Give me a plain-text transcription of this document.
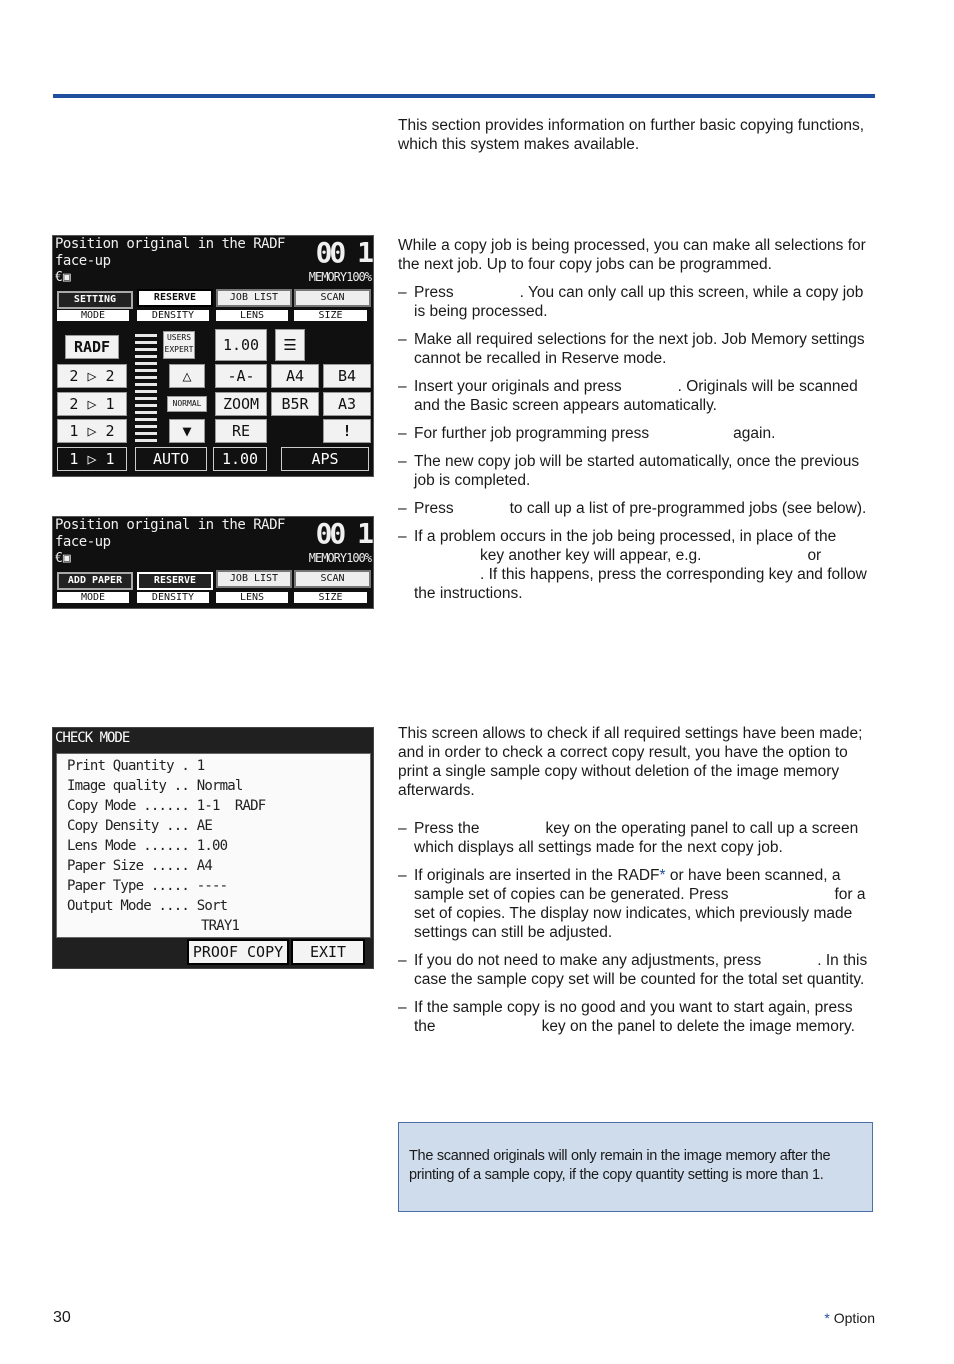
This section provides information on further basic copying functions, which this system makes available.

Position original in the RADF face-up	00 1
MEMORY100%
€▣
SETTING	RESERVE	JOB LIST	SCAN
MODE	DENSITY	LENS	SIZE
RADF
USERS EXPERT	1.00	☰
2 ▷ 2
2 ▷ 1
1 ▷ 2
1 ▷ 1
△
NORMAL
▼
AUTO
-A-
ZOOM
RE
1.00
A4	B4
B5R	A3
!
APS
Position original in the RADF face-up	00 1
MEMORY100%
€▣
ADD PAPER	RESERVE	JOB LIST	SCAN
MODE	DENSITY	LENS	SIZE

While a copy job is being processed, you can make all selections for the next job. Up to four copy jobs can be programmed.

– Press	. You can only call up this screen, while a copy job is being processed.
– Make all required selections for the next job. Job Memory settings cannot be recalled in Reserve mode.
– Insert your originals and press	. Originals will be scanned and the Basic screen appears automatically.
– For further job programming press	again.
– The new copy job will be started automatically, once the previous job is completed.
– Press	to call up a list of pre-programmed jobs (see below).
– If a problem occurs in the job being processed, in place of thekey another key will appear, e.g.	or. If this happens, press the corresponding key and follow the instructions.
CHECK MODE
Print Quantity . 1
Image quality .. Normal
Copy Mode ...... 1-1  RADF
Copy Density ... AE
Lens Mode ...... 1.00
Paper Size ..... A4
Paper Type ..... ----
Output Mode .... Sort
TRAY1
PROOF COPY	EXIT

This screen allows to check if all required settings have been made; and in order to check a correct copy result, you have the option to print a single sample copy without deletion of the image memory afterwards.

– Press the	key on the operating panel to call up a screen which displays all settings made for the next copy job.
– If originals are inserted in the RADF* or have been scanned, a sample set of copies can be generated. Press	for a set of copies. The display now indicates, which previously made settings can still be adjusted.
– If you do not need to make any adjustments, press	. In this case the sample copy set will be counted for the total set quantity.
– If the sample copy is no good and you want to start again, press the	key on the panel to delete the image memory.

The scanned originals will only remain in the image memory after the printing of a sample copy, if the copy quantity setting is more than 1.

30	* Option
